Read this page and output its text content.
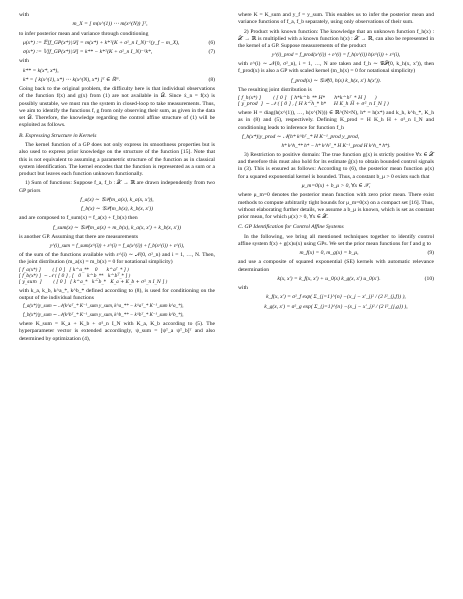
with
m_X = [ m(x^(1)) ⋯ m(x^(N)) ]ᵀ,
to infer posterior mean and variance through conditioning
μ(x*) := 𝔼[f_GP(x*)|𝒟] = m(x*) + k*ᵀ(K + σ²_n I_N)⁻¹(y_f − m_X),	(6)
σ(x*) := 𝕍[f_GP(x*)|𝒟] = k** − k*ᵀ(K + σ²_n I_N)⁻¹k*,	(7)
with
k** = k(x*, x*),
k* = [ k(x^(1), x*) ⋯ k(x^(N), x*) ]ᵀ ∈ ℝᴺ.	(8)
Going back to the original problem, the difficulty here is that individual observations of the function f(x) and g(x) from (1) are not available in 𝒟. Since ẋ_n = f(x) is possibly unstable, we must run the system in closed-loop to take measurements. Thus, we aim to identify the functions f, g from only observing their sum, as given in the data set 𝒟. Therefore, the knowledge regarding the control affine structure of (1) will be exploited as follows.
B. Expressing Structure in Kernels
The kernel function of a GP does not only express its smoothness properties but is also used to express prior knowledge on the structure of the function [15]. Note that this is not equivalent to assuming a parametric structure of the function as in classical system identification. The kernel encodes that the function is represented as a sum or a product but leaves each function unknown functionally.
1) Sum of functions: Suppose f_a, f_b : 𝒳 → ℝ are drawn independently from two GP priors
f_a(x) ∼ 𝒢𝒫(m_a(x), k_a(x, x′)),
f_b(x) ∼ 𝒢𝒫(m_b(x), k_b(x, x′))
and are composed to f_sum(x) = f_a(x) + f_b(x) then
f_sum(x) ∼ 𝒢𝒫(m_a(x) + m_b(x), k_a(x, x′) + k_b(x, x′))
is another GP. Assuming that there are measurements
y^(i)_sum = f_sum(x^(i)) + ε^(i) = f_a(x^(i)) + f_b(x^(i)) + ε^(i),
of the sum of the functions available with ε^(i) ∼ 𝒩(0, σ²_n) and i = 1, …, N. Then, the joint distribution (m_a(x) = m_b(x) = 0 for notational simplicity)
[ f_a(x*) ]        ( [ 0 ]   [ k^a_**    0      k^aᵀ_* ] )
[ f_b(x*) ]  ∼ 𝒩 ( [ 0 ] , [   0    k^b_**   k^bᵀ_* ] )
[ y_sum  ]        ( [ 0 ]   [ k^a_*   k^b_*   K_a + K_b + σ²_n I_N ] )
with k_a, k_b, k^a_*, k^b_* defined according to (8), is used for conditioning on the output of the individual functions
f_a(x*)|y_sum ∼ 𝒩(k^aᵀ_* K⁻¹_sum y_sum, k^a_** − k^aᵀ_* K⁻¹_sum k^a_*),
f_b(x*)|y_sum ∼ 𝒩(k^bᵀ_* K⁻¹_sum y_sum, k^b_** − k^bᵀ_* K⁻¹_sum k^b_*),
where K_sum = K_a + K_b + σ²_n I_N with K_a, K_b according to (5). The hyperparameter vector is extended accordingly, ψ_sum = [ψᵀ_a ψᵀ_b]ᵀ and also determined by optimization (4),
where K = K_sum and y_f = y_sum. This enables us to infer the posterior mean and variance functions of f_a, f_b separately, using only observations of their sum.
2) Product with known function: The knowledge that an unknown function f_h(x) : 𝒳 → ℝ is multiplied with a known function h(x) : 𝒳 → ℝ, can also be represented in the kernel of a GP. Suppose measurements of the product
y^(i)_prod = f_prod(x^(i)) + ε^(i) = f_h(x^(i)) h(x^(i)) + ε^(i),
with ε^(i) ∼ 𝒩(0, σ²_n), i = 1, …, N are taken and f_h ∼ 𝒢𝒫(0, k_h(x, x′)), then f_prod(x) is also a GP with scaled kernel (m_h(x) = 0 for notational simplicity)
f_prod(x) ∼ 𝒢𝒫(0, h(x) k_h(x, x′) h(x′)).
The resulting joint distribution is
[ f_h(x*) ]        ( [ 0 ]   [ h*k^h_** H*      h*k^hᵀ_* H ]      )
[ y_prod  ]  ∼ 𝒩 ( [ 0 ] , [ H k^h_* h*     H K_h H + σ²_n I_N ] )
where H = diag(h(x^(1)), …, h(x^(N))) ∈ ℝ^(N×N), h* = h(x*) and k_h, k^h_*, K_h as in (8) and (5), respectively. Defining K_prod = H K_h H + σ²_n I_N and conditioning leads to inference for function f_h
f_h(x*)|y_prod ∼ 𝒩(h* k^hᵀ_* H K⁻¹_prod y_prod,
h* k^h_** h* − h* k^hᵀ_* H K⁻¹_prod H k^h_* h*).
3) Restriction to positive domain: The true function g(x) is strictly positive ∀x ∈ 𝒳 and therefore this must also hold for its estimate ĝ(x) to obtain bounded control signals in (3). This is ensured as follows: According to (6), the posterior mean function μ(x) for a squared exponential kernel is bounded. Thus, a constant b_μ > 0 exists such that
μ_m=0(x) + b_μ > 0, ∀x ∈ 𝒳,
where μ_m=0 denotes the posterior mean function with zero prior mean. There exist methods to compute arbitrarily tight bounds for μ_m=0(x) on a compact set [16]. Thus, without elaborating further details, we assume a b_μ is known, which is set as constant prior mean, for which μ(x) > 0, ∀x ∈ 𝒳.
C. GP Identification for Control Affine Systems
In the following, we bring all mentioned techniques together to identify control affine system f(x) + g(x)u(x) using GPs. We set the prior mean functions for f and g to
m_f(x) = 0, m_g(x) = b_μ,	(9)
and use a composite of squared exponential (SE) kernels with automatic relevance determination
k(x, x′) = k_f(x, x′) + u_0(x) k_g(x, x′) u_0(x′).	(10)
with
k_f(x, x′) = σ²_f exp( Σ_{j=1}^{n} −(x_j − x′_j)² / (2 l²_{j,f}) ),
k_g(x, x′) = σ²_g exp( Σ_{j=1}^{n} −(x_j − x′_j)² / (2 l²_{j,g}) ),
